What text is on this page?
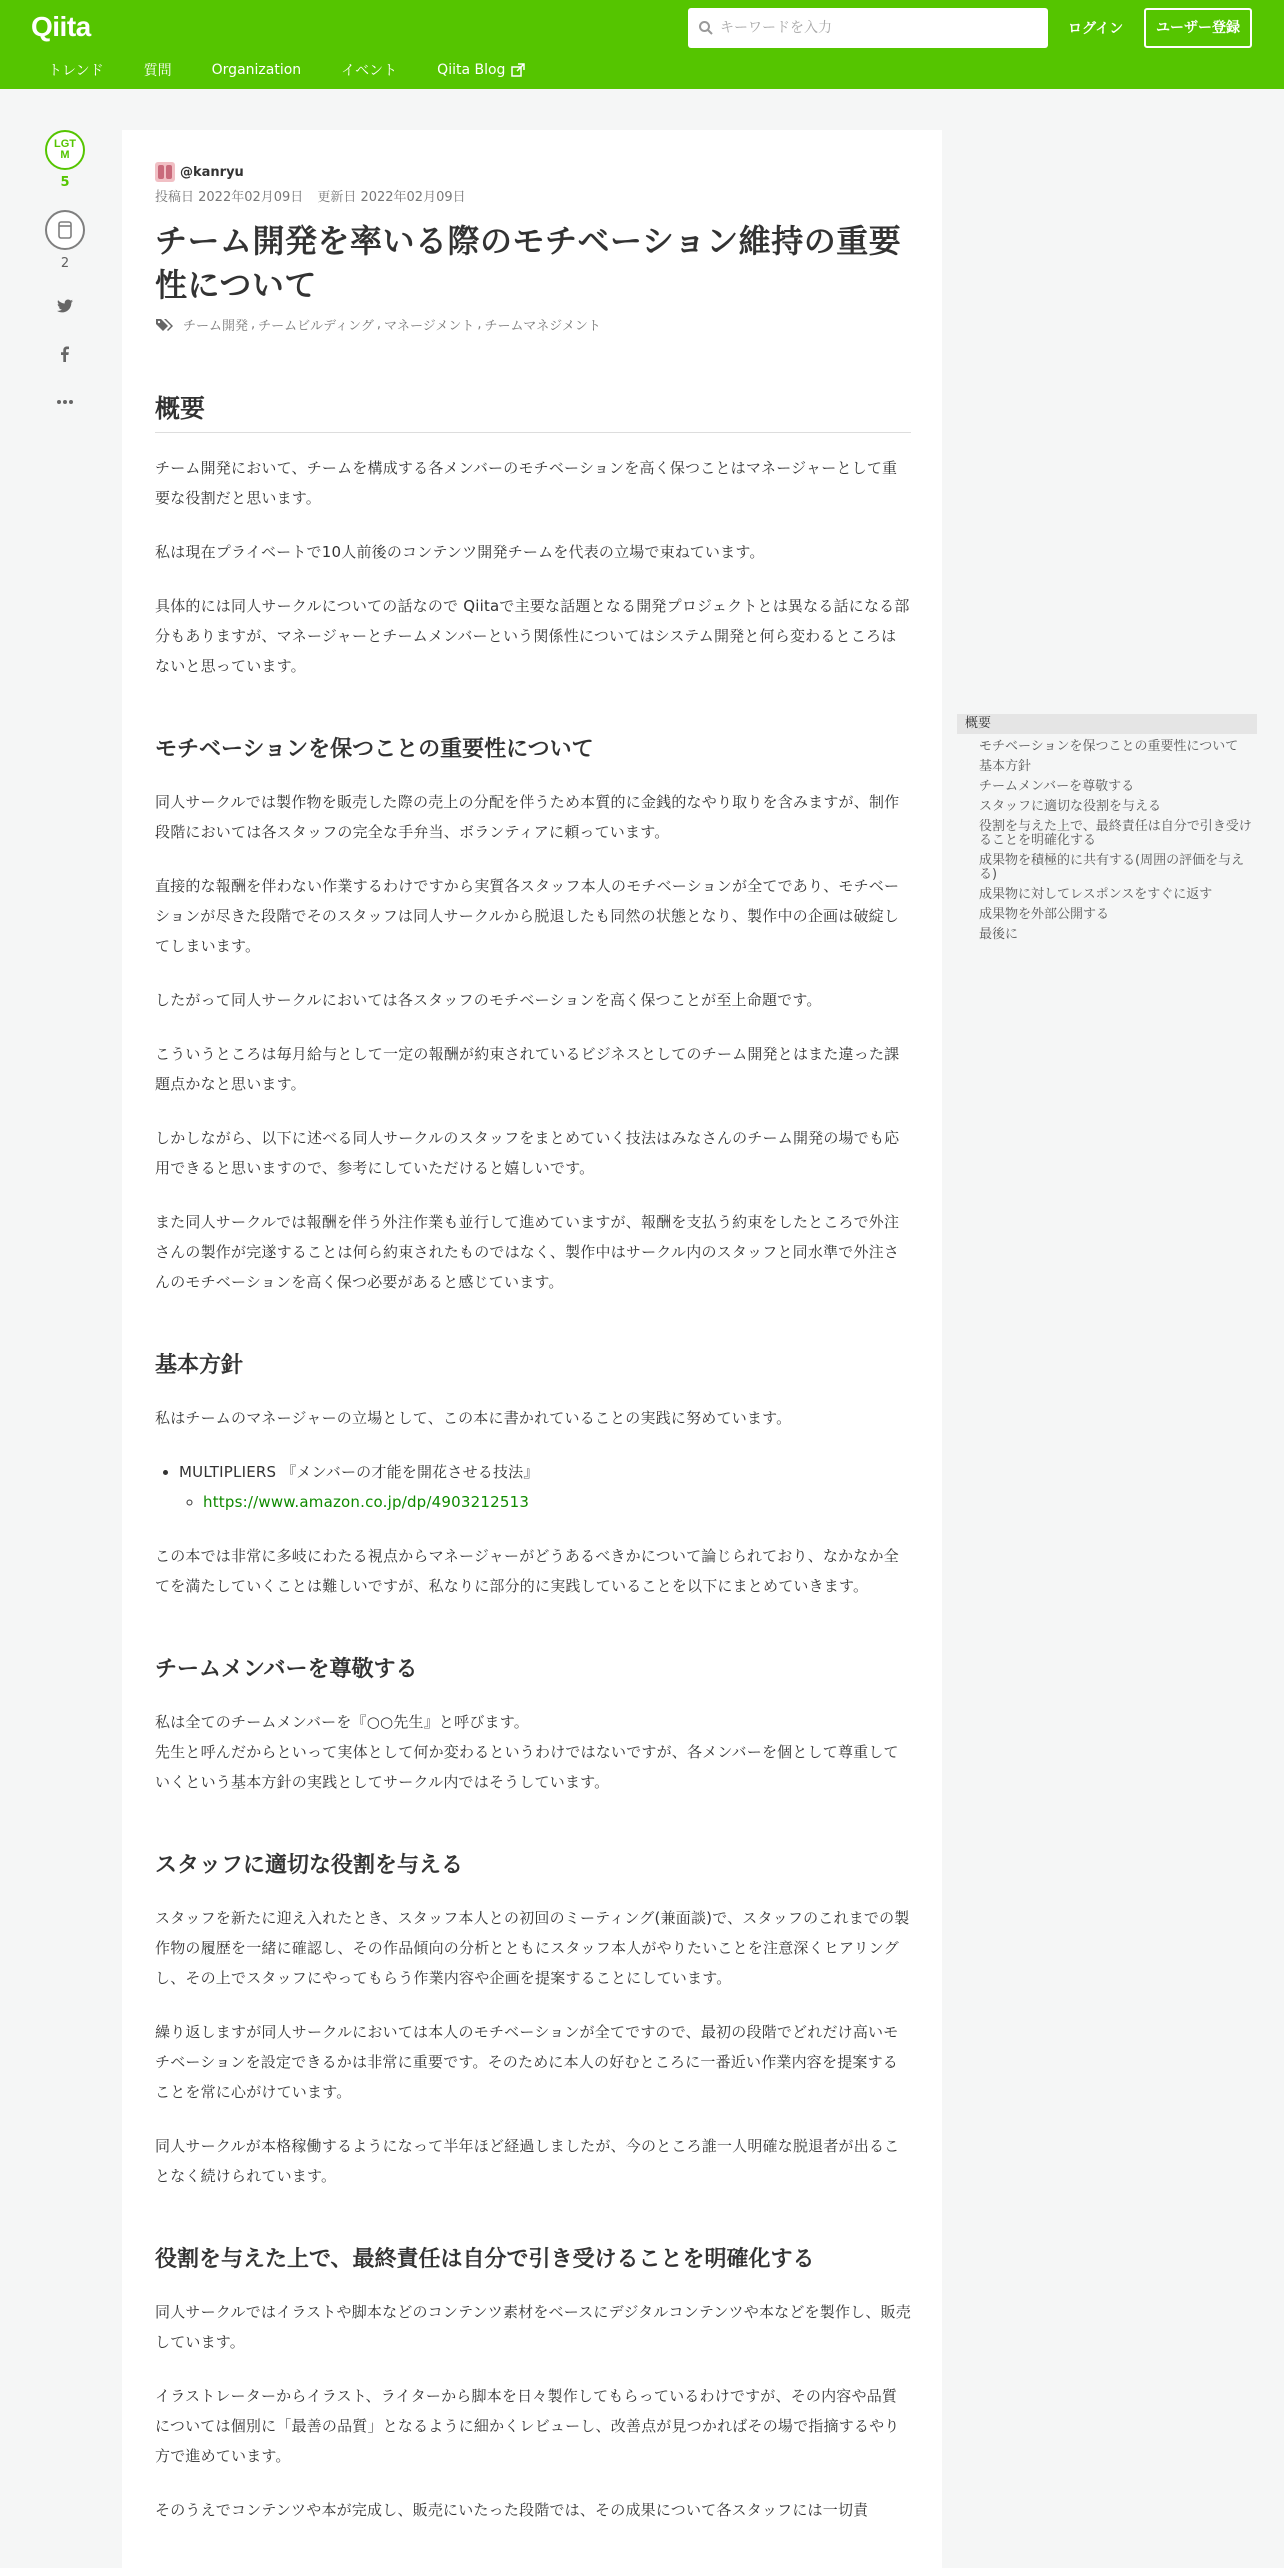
Qiita
キーワードを入力	ログイン	ユーザー登録
トレンド	質問	Organization	イベント	Qiita Blog
LGTM
5
2
@kanryu
投稿日 2022年02月09日 更新日 2022年02月09日
チーム開発を率いる際のモチベーション維持の重要性について
チーム開発 , チームビルディング , マネージメント , チームマネジメント
概要

チーム開発において、チームを構成する各メンバーのモチベーションを高く保つことはマネージャーとして重要な役割だと思います。

私は現在プライベートで10人前後のコンテンツ開発チームを代表の立場で束ねています。

具体的には同人サークルについての話なので Qiitaで主要な話題となる開発プロジェクトとは異なる話になる部分もありますが、マネージャーとチームメンバーという関係性についてはシステム開発と何ら変わるところはないと思っています。

モチベーションを保つことの重要性について

同人サークルでは製作物を販売した際の売上の分配を伴うため本質的に金銭的なやり取りを含みますが、制作段階においては各スタッフの完全な手弁当、ボランティアに頼っています。

直接的な報酬を伴わない作業するわけですから実質各スタッフ本人のモチベーションが全てであり、モチベーションが尽きた段階でそのスタッフは同人サークルから脱退したも同然の状態となり、製作中の企画は破綻してしまいます。

したがって同人サークルにおいては各スタッフのモチベーションを高く保つことが至上命題です。

こういうところは毎月給与として一定の報酬が約束されているビジネスとしてのチーム開発とはまた違った課題点かなと思います。

しかしながら、以下に述べる同人サークルのスタッフをまとめていく技法はみなさんのチーム開発の場でも応用できると思いますので、参考にしていただけると嬉しいです。

また同人サークルでは報酬を伴う外注作業も並行して進めていますが、報酬を支払う約束をしたところで外注さんの製作が完遂することは何ら約束されたものではなく、製作中はサークル内のスタッフと同水準で外注さんのモチベーションを高く保つ必要があると感じています。

基本方針

私はチームのマネージャーの立場として、この本に書かれていることの実践に努めています。

• MULTIPLIERS 『メンバーの才能を開花させる技法』
◦ https://www.amazon.co.jp/dp/4903212513

この本では非常に多岐にわたる視点からマネージャーがどうあるべきかについて論じられており、なかなか全てを満たしていくことは難しいですが、私なりに部分的に実践していることを以下にまとめていきます。

チームメンバーを尊敬する

私は全てのチームメンバーを『○○先生』と呼びます。
先生と呼んだからといって実体として何か変わるというわけではないですが、各メンバーを個として尊重していくという基本方針の実践としてサークル内ではそうしています。

スタッフに適切な役割を与える

スタッフを新たに迎え入れたとき、スタッフ本人との初回のミーティング(兼面談)で、スタッフのこれまでの製作物の履歴を一緒に確認し、その作品傾向の分析とともにスタッフ本人がやりたいことを注意深くヒアリングし、その上でスタッフにやってもらう作業内容や企画を提案することにしています。

繰り返しますが同人サークルにおいては本人のモチベーションが全てですので、最初の段階でどれだけ高いモチベーションを設定できるかは非常に重要です。そのために本人の好むところに一番近い作業内容を提案することを常に心がけています。

同人サークルが本格稼働するようになって半年ほど経過しましたが、今のところ誰一人明確な脱退者が出ることなく続けられています。

役割を与えた上で、最終責任は自分で引き受けることを明確化する

同人サークルではイラストや脚本などのコンテンツ素材をベースにデジタルコンテンツや本などを製作し、販売しています。

イラストレーターからイラスト、ライターから脚本を日々製作してもらっているわけですが、その内容や品質については個別に「最善の品質」となるように細かくレビューし、改善点が見つかればその場で指摘するやり方で進めています。

そのうえでコンテンツや本が完成し、販売にいたった段階では、その成果について各スタッフには一切責

概要
モチベーションを保つことの重要性について
基本方針
チームメンバーを尊敬する
スタッフに適切な役割を与える
役割を与えた上で、最終責任は自分で引き受けることを明確化する
成果物を積極的に共有する(周囲の評価を与える)
成果物に対してレスポンスをすぐに返す
成果物を外部公開する
最後に
